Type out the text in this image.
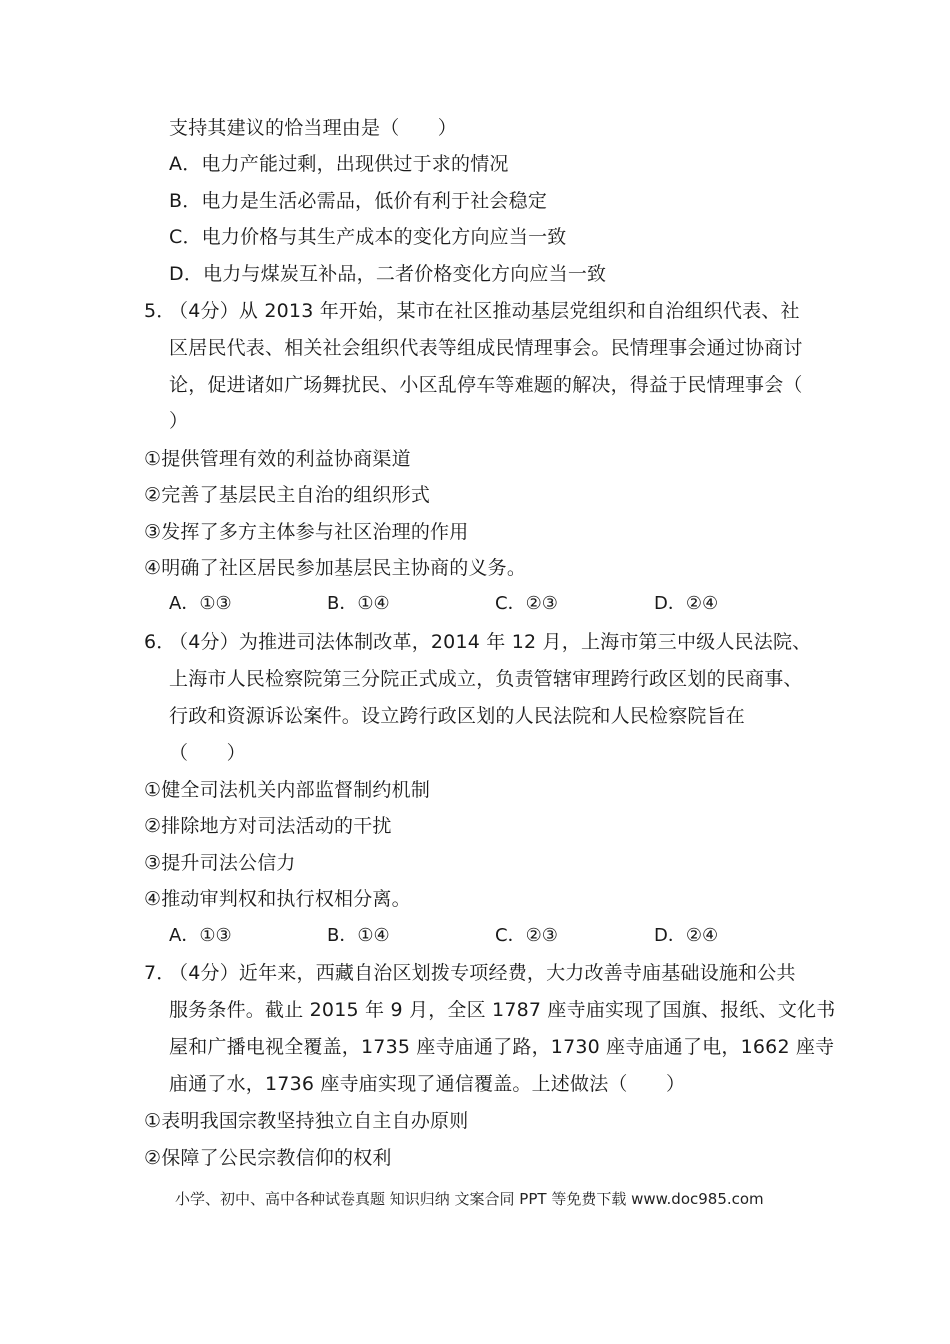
支持其建议的恰当理由是（　　）
A．电力产能过剩，出现供过于求的情况
B．电力是生活必需品，低价有利于社会稳定
C．电力价格与其生产成本的变化方向应当一致
D．电力与煤炭互补品，二者价格变化方向应当一致
5．
（4分）从 2013 年开始，某市在社区推动基层党组织和自治组织代表、社
区居民代表、相关社会组织代表等组成民情理事会。民情理事会通过协商讨
论，促进诸如广场舞扰民、小区乱停车等难题的解决，得益于民情理事会（
）
①提供管理有效的利益协商渠道
②完善了基层民主自治的组织形式
③发挥了多方主体参与社区治理的作用
④明确了社区居民参加基层民主协商的义务。
A．①③	B．①④	C．②③	D．②④
6．
（4分）为推进司法体制改革，2014 年 12 月，上海市第三中级人民法院、
上海市人民检察院第三分院正式成立，负责管辖审理跨行政区划的民商事、
行政和资源诉讼案件。设立跨行政区划的人民法院和人民检察院旨在
（　　）
①健全司法机关内部监督制约机制
②排除地方对司法活动的干扰
③提升司法公信力
④推动审判权和执行权相分离。
A．①③	B．①④	C．②③	D．②④
7．
（4分）近年来，西藏自治区划拨专项经费，大力改善寺庙基础设施和公共
服务条件。截止 2015 年 9 月，全区 1787 座寺庙实现了国旗、报纸、文化书
屋和广播电视全覆盖，1735 座寺庙通了路，1730 座寺庙通了电，1662 座寺
庙通了水，1736 座寺庙实现了通信覆盖。上述做法（　　）
①表明我国宗教坚持独立自主自办原则
②保障了公民宗教信仰的权利
小学、初中、高中各种试卷真题 知识归纳 文案合同 PPT 等免费下载 www.doc985.com
